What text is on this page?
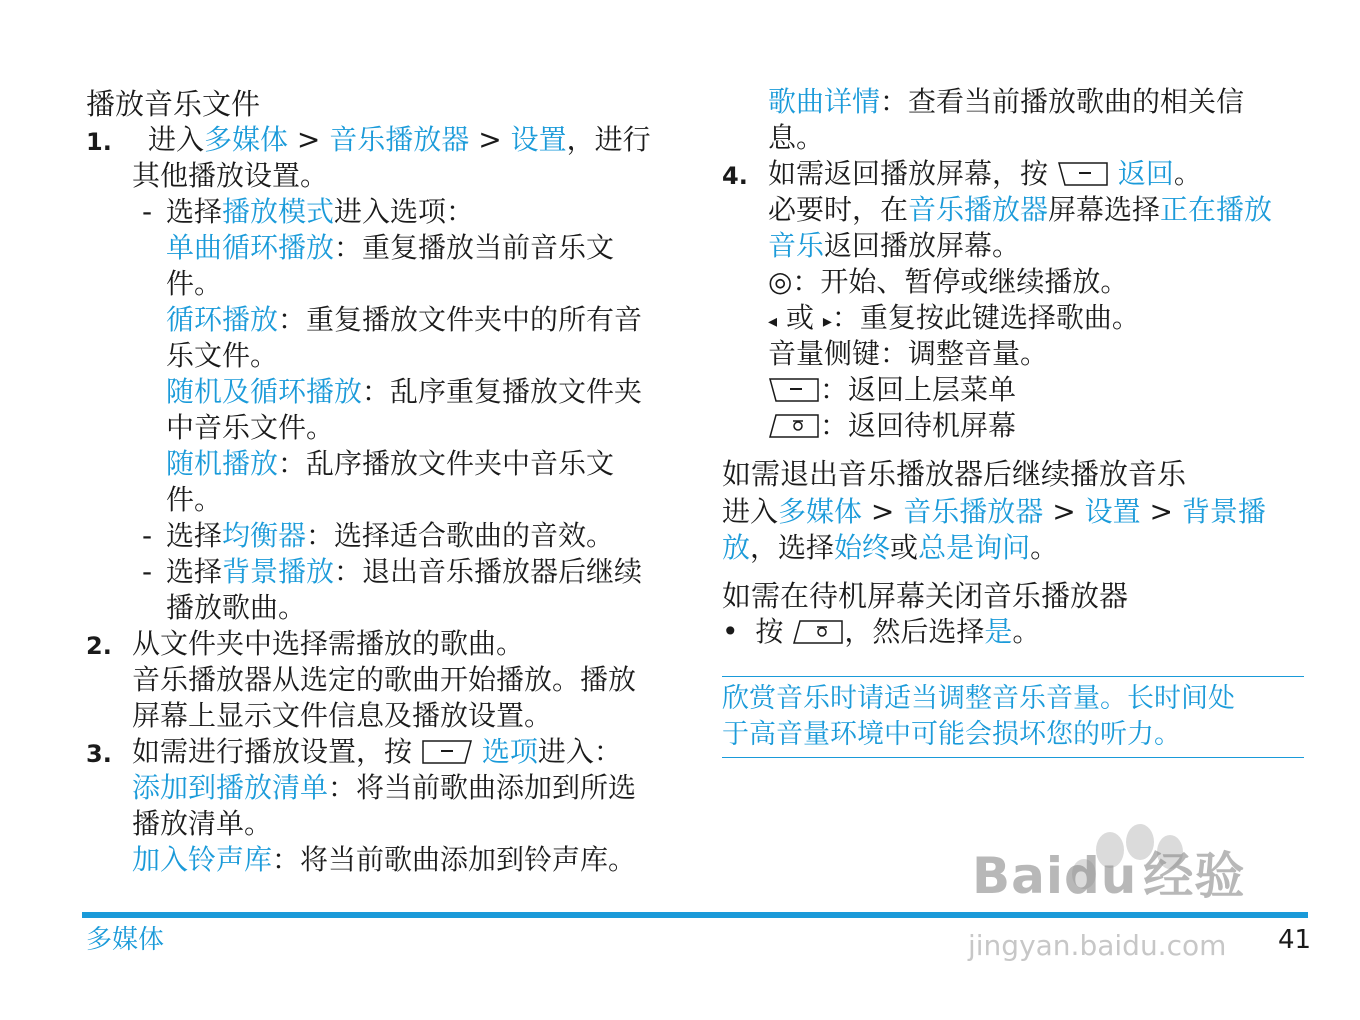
播放音乐文件
1. 进入多媒体 > 音乐播放器 > 设置，进行
其他播放设置。
- 选择播放模式进入选项：
单曲循环播放：重复播放当前音乐文
件。
循环播放：重复播放文件夹中的所有音
乐文件。
随机及循环播放：乱序重复播放文件夹
中音乐文件。
随机播放：乱序播放文件夹中音乐文
件。
- 选择均衡器：选择适合歌曲的音效。
- 选择背景播放：退出音乐播放器后继续
播放歌曲。
2. 从文件夹中选择需播放的歌曲。
音乐播放器从选定的歌曲开始播放。播放
屏幕上显示文件信息及播放设置。
3. 如需进行播放设置，按 选项进入：
添加到播放清单：将当前歌曲添加到所选
播放清单。
加入铃声库：将当前歌曲添加到铃声库。
歌曲详情：查看当前播放歌曲的相关信
息。
4. 如需返回播放屏幕，按 返回。
必要时，在音乐播放器屏幕选择正在播放
音乐返回播放屏幕。
◎：开始、暂停或继续播放。
◂ 或 ▸：重复按此键选择歌曲。
音量侧键：调整音量。
：返回上层菜单
：返回待机屏幕
如需退出音乐播放器后继续播放音乐
进入多媒体 > 音乐播放器 > 设置 > 背景播
放，选择始终或总是询问。
如需在待机屏幕关闭音乐播放器
• 按 ，然后选择是。
欣赏音乐时请适当调整音乐音量。长时间处
于高音量环境中可能会损坏您的听力。
Baidu 经验
jingyan.baidu.com
多媒体	41
